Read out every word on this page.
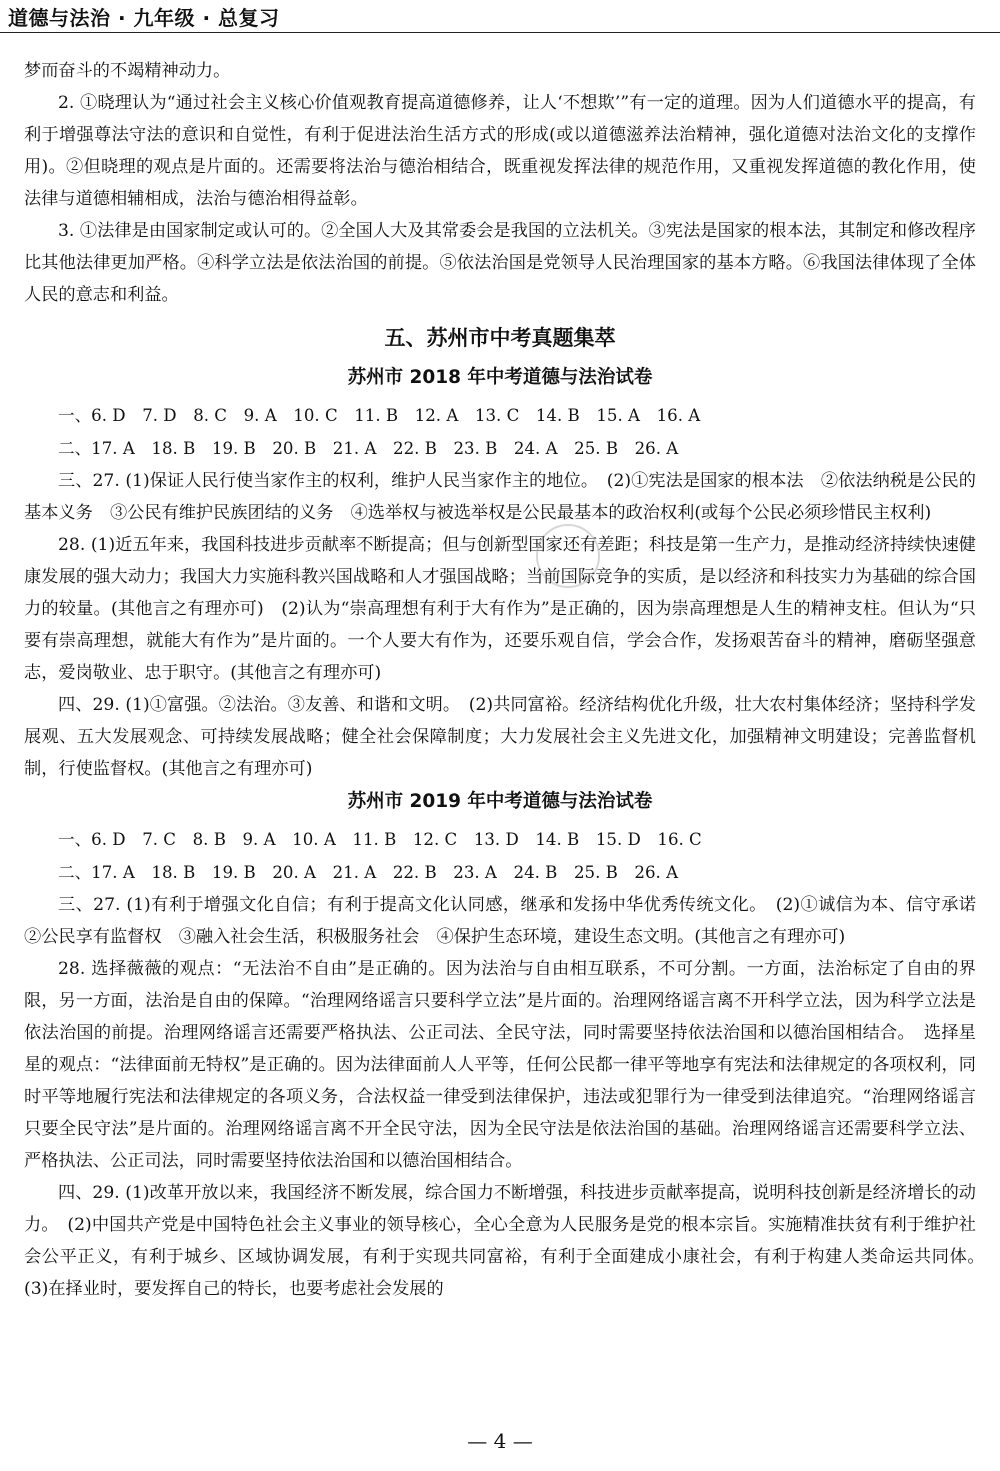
道德与法治 · 九年级 · 总复习

梦而奋斗的不竭精神动力。

2. ①晓理认为“通过社会主义核心价值观教育提高道德修养，让人‘不想欺’”有一定的道理。因为人们道德水平的提高，有利于增强尊法守法的意识和自觉性，有利于促进法治生活方式的形成(或以道德滋养法治精神，强化道德对法治文化的支撑作用)。②但晓理的观点是片面的。还需要将法治与德治相结合，既重视发挥法律的规范作用，又重视发挥道德的教化作用，使法律与道德相辅相成，法治与德治相得益彰。

3. ①法律是由国家制定或认可的。②全国人大及其常委会是我国的立法机关。③宪法是国家的根本法，其制定和修改程序比其他法律更加严格。④科学立法是依法治国的前提。⑤依法治国是党领导人民治理国家的基本方略。⑥我国法律体现了全体人民的意志和利益。

五、苏州市中考真题集萃
苏州市 2018 年中考道德与法治试卷
一、6. D　7. D　8. C　9. A　10. C　11. B　12. A　13. C　14. B　15. A　16. A
二、17. A　18. B　19. B　20. B　21. A　22. B　23. B　24. A　25. B　26. A

三、27. (1)保证人民行使当家作主的权利，维护人民当家作主的地位。　(2)①宪法是国家的根本法　②依法纳税是公民的基本义务　③公民有维护民族团结的义务　④选举权与被选举权是公民最基本的政治权利(或每个公民必须珍惜民主权利)

28. (1)近五年来，我国科技进步贡献率不断提高；但与创新型国家还有差距；科技是第一生产力，是推动经济持续快速健康发展的强大动力；我国大力实施科教兴国战略和人才强国战略；当前国际竞争的实质，是以经济和科技实力为基础的综合国力的较量。(其他言之有理亦可)　(2)认为“崇高理想有利于大有作为”是正确的，因为崇高理想是人生的精神支柱。但认为“只要有崇高理想，就能大有作为”是片面的。一个人要大有作为，还要乐观自信，学会合作，发扬艰苦奋斗的精神，磨砺坚强意志，爱岗敬业、忠于职守。(其他言之有理亦可)

四、29. (1)①富强。②法治。③友善、和谐和文明。　(2)共同富裕。经济结构优化升级，壮大农村集体经济；坚持科学发展观、五大发展观念、可持续发展战略；健全社会保障制度；大力发展社会主义先进文化，加强精神文明建设；完善监督机制，行使监督权。(其他言之有理亦可)

苏州市 2019 年中考道德与法治试卷
一、6. D　7. C　8. B　9. A　10. A　11. B　12. C　13. D　14. B　15. D　16. C
二、17. A　18. B　19. B　20. A　21. A　22. B　23. A　24. B　25. B　26. A

三、27. (1)有利于增强文化自信；有利于提高文化认同感，继承和发扬中华优秀传统文化。　(2)①诚信为本、信守承诺　②公民享有监督权　③融入社会生活，积极服务社会　④保护生态环境，建设生态文明。(其他言之有理亦可)

28. 选择薇薇的观点：“无法治不自由”是正确的。因为法治与自由相互联系，不可分割。一方面，法治标定了自由的界限，另一方面，法治是自由的保障。“治理网络谣言只要科学立法”是片面的。治理网络谣言离不开科学立法，因为科学立法是依法治国的前提。治理网络谣言还需要严格执法、公正司法、全民守法，同时需要坚持依法治国和以德治国相结合。　选择星星的观点：“法律面前无特权”是正确的。因为法律面前人人平等，任何公民都一律平等地享有宪法和法律规定的各项权利，同时平等地履行宪法和法律规定的各项义务，合法权益一律受到法律保护，违法或犯罪行为一律受到法律追究。“治理网络谣言只要全民守法”是片面的。治理网络谣言离不开全民守法，因为全民守法是依法治国的基础。治理网络谣言还需要科学立法、严格执法、公正司法，同时需要坚持依法治国和以德治国相结合。

四、29. (1)改革开放以来，我国经济不断发展，综合国力不断增强，科技进步贡献率提高，说明科技创新是经济增长的动力。　(2)中国共产党是中国特色社会主义事业的领导核心，全心全意为人民服务是党的根本宗旨。实施精准扶贫有利于维护社会公平正义，有利于城乡、区域协调发展，有利于实现共同富裕，有利于全面建成小康社会，有利于构建人类命运共同体。　(3)在择业时，要发挥自己的特长，也要考虑社会发展的

— 4 —
